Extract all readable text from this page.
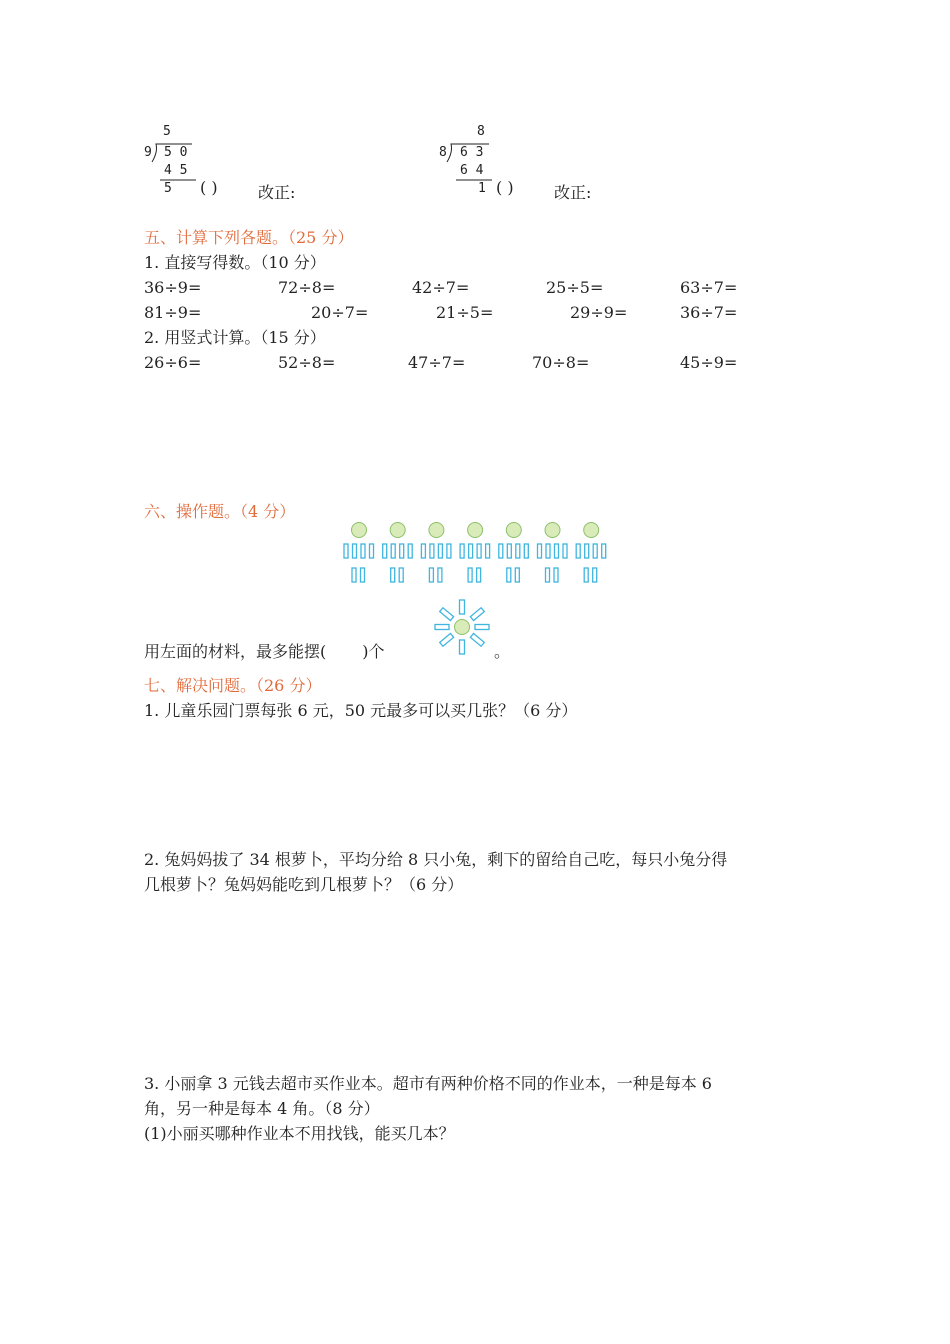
5
9 5 0
4 5
5 ( )	改正:
8
8 6 3
6 4
1 ( )	改正:
五、计算下列各题。（25 分）
1. 直接写得数。（10 分）
36÷9=	72÷8=	42÷7=	25÷5=	63÷7=
81÷9=	20÷7=	21÷5=	29÷9=	36÷7=
2. 用竖式计算。（15 分）
26÷6=	52÷8=	47÷7=	70÷8=	45÷9=
六、操作题。（4 分）
用左面的材料，最多能摆( )个	。
七、解决问题。（26 分）
1. 儿童乐园门票每张 6 元，50 元最多可以买几张？（6 分）
2. 兔妈妈拔了 34 根萝卜，平均分给 8 只小兔，剩下的留给自己吃，每只小兔分得
几根萝卜？兔妈妈能吃到几根萝卜？（6 分）
3. 小丽拿 3 元钱去超市买作业本。超市有两种价格不同的作业本，一种是每本 6
角，另一种是每本 4 角。（8 分）
(1)小丽买哪种作业本不用找钱，能买几本？
